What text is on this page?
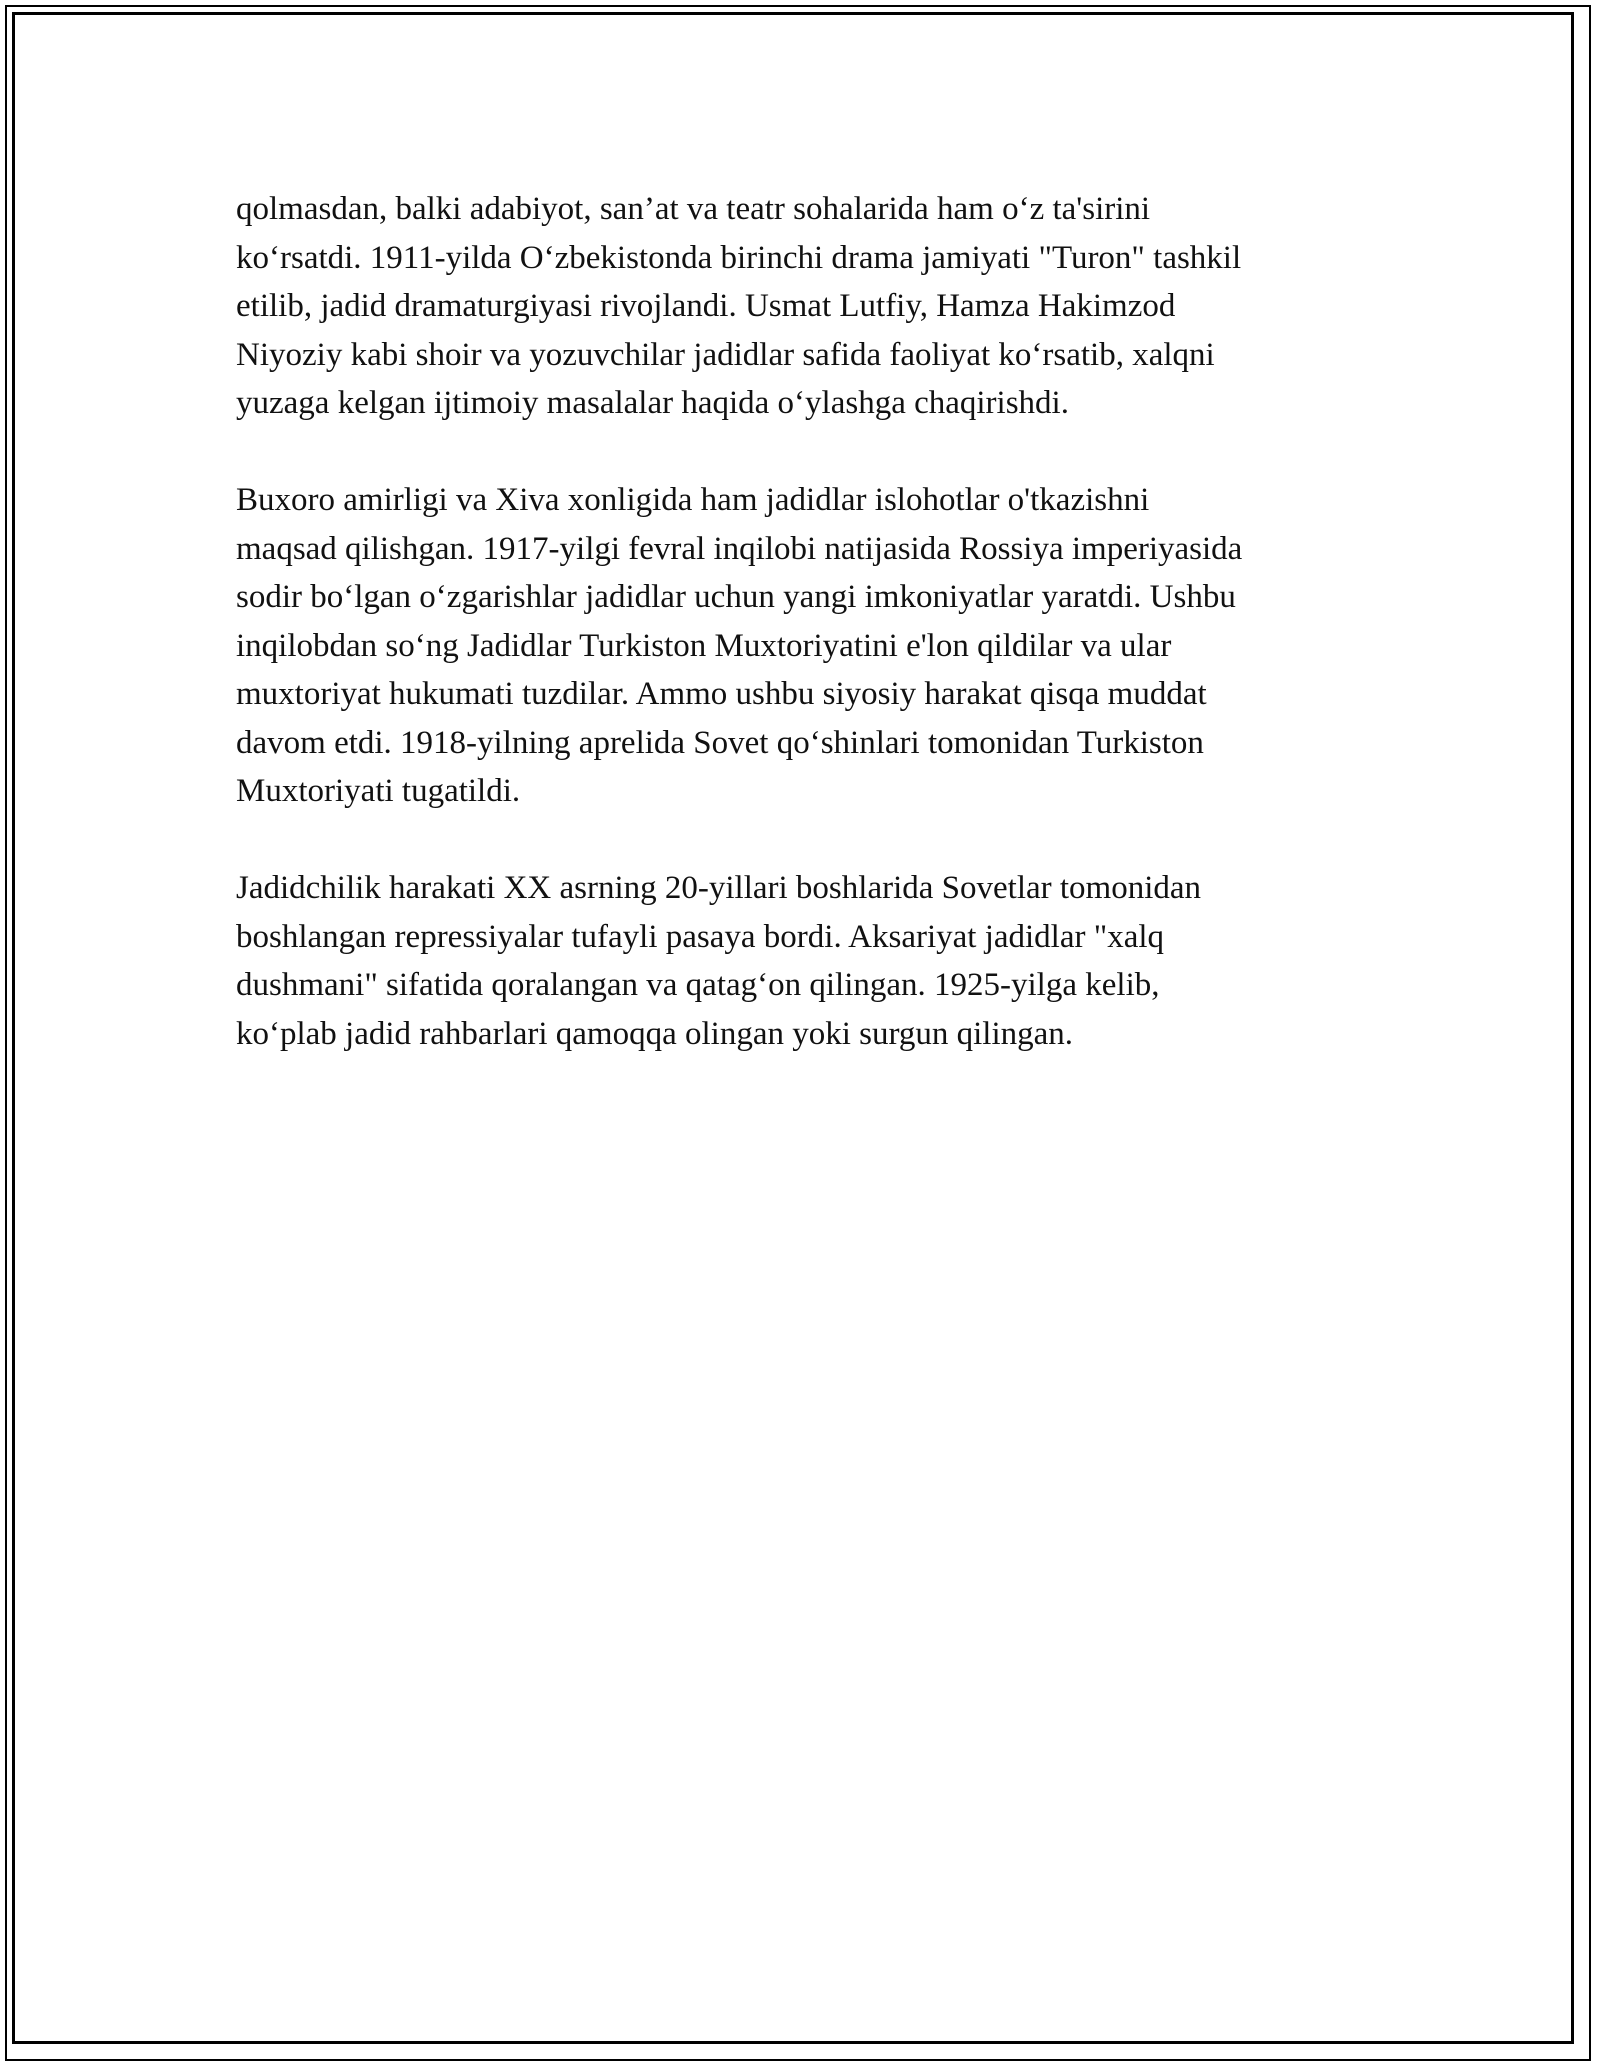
qolmasdan, balki adabiyot, san’at va teatr sohalarida ham o‘z ta'sirini
ko‘rsatdi. 1911-yilda O‘zbekistonda birinchi drama jamiyati "Turon" tashkil
etilib, jadid dramaturgiyasi rivojlandi. Usmat Lutfiy, Hamza Hakimzod
Niyoziy kabi shoir va yozuvchilar jadidlar safida faoliyat ko‘rsatib, xalqni
yuzaga kelgan ijtimoiy masalalar haqida o‘ylashga chaqirishdi.

Buxoro amirligi va Xiva xonligida ham jadidlar islohotlar o'tkazishni
maqsad qilishgan. 1917-yilgi fevral inqilobi natijasida Rossiya imperiyasida
sodir bo‘lgan o‘zgarishlar jadidlar uchun yangi imkoniyatlar yaratdi. Ushbu
inqilobdan so‘ng Jadidlar Turkiston Muxtoriyatini e'lon qildilar va ular
muxtoriyat hukumati tuzdilar. Ammo ushbu siyosiy harakat qisqa muddat
davom etdi. 1918-yilning aprelida Sovet qo‘shinlari tomonidan Turkiston
Muxtoriyati tugatildi.

Jadidchilik harakati XX asrning 20-yillari boshlarida Sovetlar tomonidan
boshlangan repressiyalar tufayli pasaya bordi. Aksariyat jadidlar "xalq
dushmani" sifatida qoralangan va qatag‘on qilingan. 1925-yilga kelib,
ko‘plab jadid rahbarlari qamoqqa olingan yoki surgun qilingan.
